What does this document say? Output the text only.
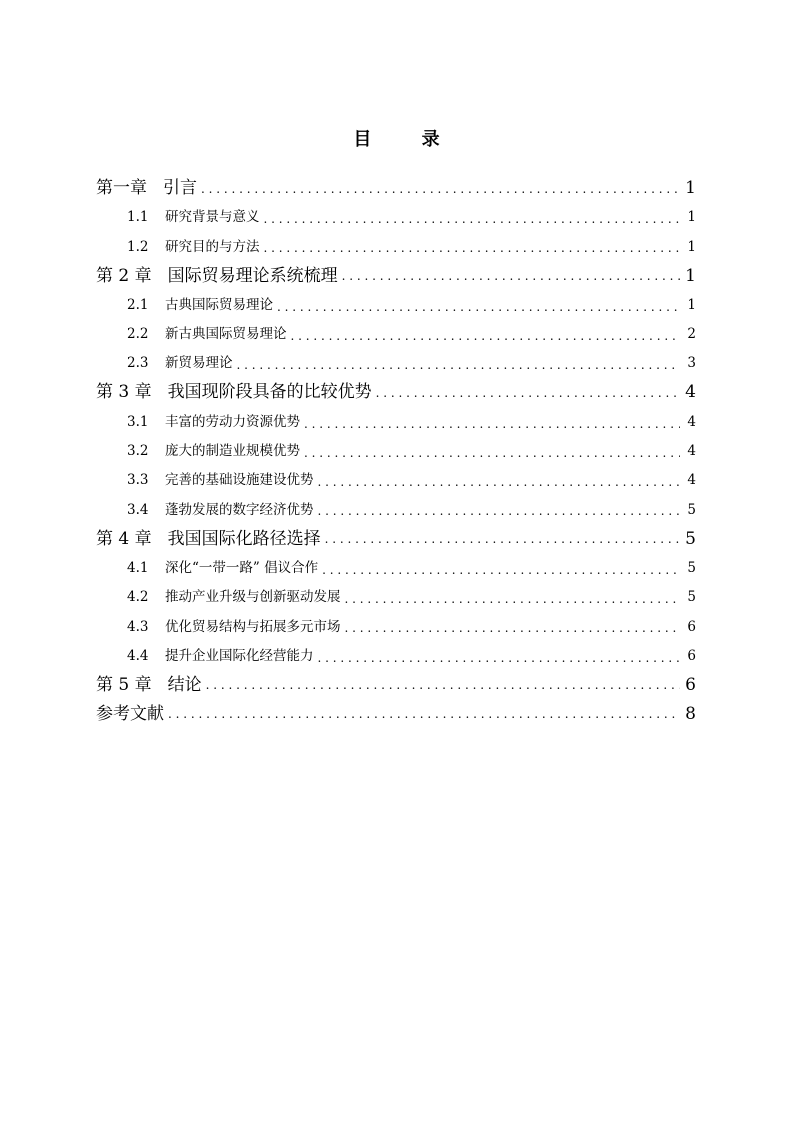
目 录
第一章 引言 . . .	1
1.1	研究背景与意义 . . .	1
1.2	研究目的与方法 . . .	1
第 2 章 国际贸易理论系统梳理 . . .	1
2.1	古典国际贸易理论 . . .	1
2.2	新古典国际贸易理论 . . .	2
2.3	新贸易理论 . . .	3
第 3 章 我国现阶段具备的比较优势 . . .	4
3.1	丰富的劳动力资源优势 . . .	4
3.2	庞大的制造业规模优势 . . .	4
3.3	完善的基础设施建设优势 . . .	4
3.4	蓬勃发展的数字经济优势 . . .	5
第 4 章 我国国际化路径选择 . . .	5
4.1	深化“一带一路” 倡议合作 . . .	5
4.2	推动产业升级与创新驱动发展 . . .	5
4.3	优化贸易结构与拓展多元市场 . . .	6
4.4	提升企业国际化经营能力 . . .	6
第 5 章 结论 . . .	6
参考文献 . . .	8
